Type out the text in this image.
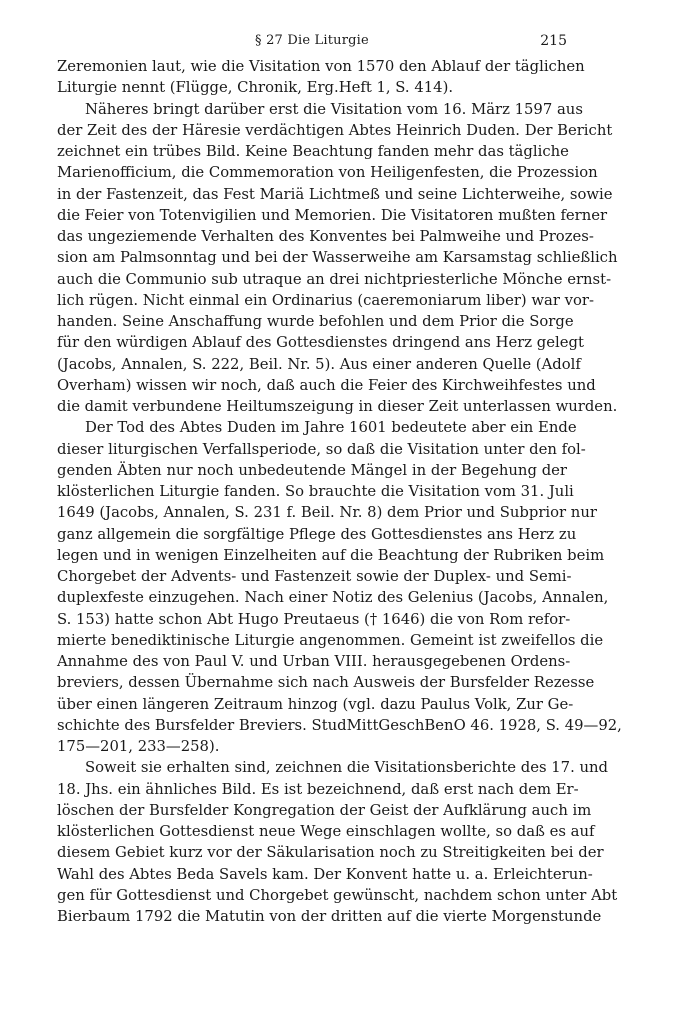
§ 27 Die Liturgie	215

Zeremonien laut, wie die Visitation von 1570 den Ablauf der täglichen
Liturgie nennt (Flügge, Chronik, Erg.Heft 1, S. 414).

Näheres bringt darüber erst die Visitation vom 16. März 1597 aus
der Zeit des der Häresie verdächtigen Abtes Heinrich Duden. Der Bericht
zeichnet ein trübes Bild. Keine Beachtung fanden mehr das tägliche
Marienofficium, die Commemoration von Heiligenfesten, die Prozession
in der Fastenzeit, das Fest Mariä Lichtmeß und seine Lichterweihe, sowie
die Feier von Totenvigilien und Memorien. Die Visitatoren mußten ferner
das ungeziemende Verhalten des Konventes bei Palmweihe und Prozes-
sion am Palmsonntag und bei der Wasserweihe am Karsamstag schließlich
auch die Communio sub utraque an drei nichtpriesterliche Mönche ernst-
lich rügen. Nicht einmal ein Ordinarius (caeremoniarum liber) war vor-
handen. Seine Anschaffung wurde befohlen und dem Prior die Sorge
für den würdigen Ablauf des Gottesdienstes dringend ans Herz gelegt
(Jacobs, Annalen, S. 222, Beil. Nr. 5). Aus einer anderen Quelle (Adolf
Overham) wissen wir noch, daß auch die Feier des Kirchweihfestes und
die damit verbundene Heiltumszeigung in dieser Zeit unterlassen wurden.

Der Tod des Abtes Duden im Jahre 1601 bedeutete aber ein Ende
dieser liturgischen Verfallsperiode, so daß die Visitation unter den fol-
genden Äbten nur noch unbedeutende Mängel in der Begehung der
klösterlichen Liturgie fanden. So brauchte die Visitation vom 31. Juli
1649 (Jacobs, Annalen, S. 231 f. Beil. Nr. 8) dem Prior und Subprior nur
ganz allgemein die sorgfältige Pflege des Gottesdienstes ans Herz zu
legen und in wenigen Einzelheiten auf die Beachtung der Rubriken beim
Chorgebet der Advents- und Fastenzeit sowie der Duplex- und Semi-
duplexfeste einzugehen. Nach einer Notiz des Gelenius (Jacobs, Annalen,
S. 153) hatte schon Abt Hugo Preutaeus († 1646) die von Rom refor-
mierte benediktinische Liturgie angenommen. Gemeint ist zweifellos die
Annahme des von Paul V. und Urban VIII. herausgegebenen Ordens-
breviers, dessen Übernahme sich nach Ausweis der Bursfelder Rezesse
über einen längeren Zeitraum hinzog (vgl. dazu Paulus Volk, Zur Ge-
schichte des Bursfelder Breviers. StudMittGeschBenO 46. 1928, S. 49—92,
175—201, 233—258).

Soweit sie erhalten sind, zeichnen die Visitationsberichte des 17. und
18. Jhs. ein ähnliches Bild. Es ist bezeichnend, daß erst nach dem Er-
löschen der Bursfelder Kongregation der Geist der Aufklärung auch im
klösterlichen Gottesdienst neue Wege einschlagen wollte, so daß es auf
diesem Gebiet kurz vor der Säkularisation noch zu Streitigkeiten bei der
Wahl des Abtes Beda Savels kam. Der Konvent hatte u. a. Erleichterun-
gen für Gottesdienst und Chorgebet gewünscht, nachdem schon unter Abt
Bierbaum 1792 die Matutin von der dritten auf die vierte Morgenstunde
